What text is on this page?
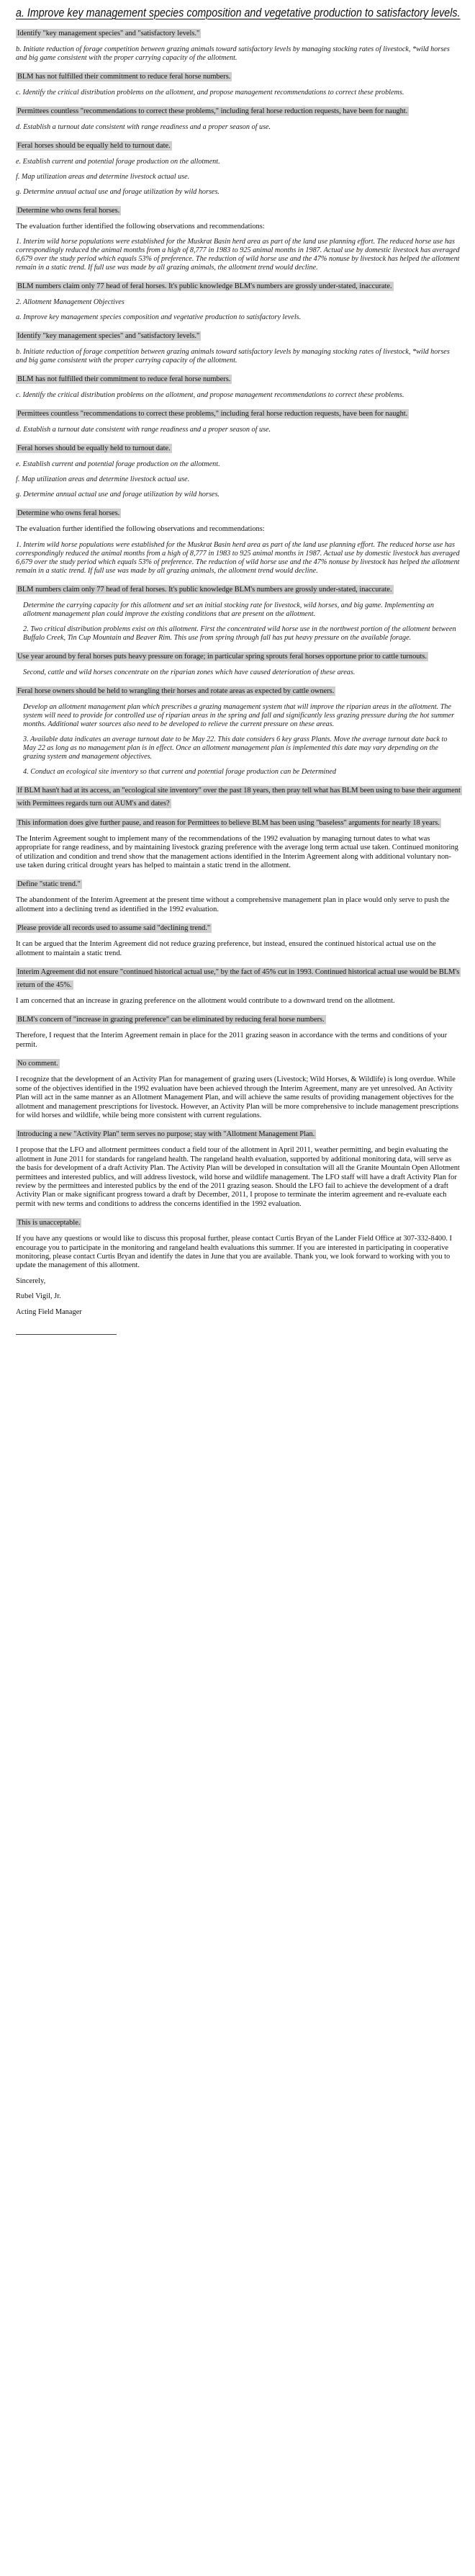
a. Improve key management species composition and vegetative production to satisfactory levels.
Identify "key management species" and "satisfactory levels."

b. Initiate reduction of forage competition between grazing animals toward satisfactory levels by managing stocking rates of livestock, *wild horses and big game consistent with the proper carrying capacity of the allotment.

BLM has not fulfilled their commitment to reduce feral horse numbers.

c. Identify the critical distribution problems on the allotment, and propose management recommendations to correct these problems.

Permittees countless "recommendations to correct these problems," including feral horse reduction requests, have been for naught.

d. Establish a turnout date consistent with range readiness and a proper season of use.

Feral horses should be equally held to turnout date.

e. Establish current and potential forage production on the allotment.

f. Map utilization areas and determine livestock actual use.

g. Determine annual actual use and forage utilization by wild horses.

Determine who owns feral horses.

The evaluation further identified the following observations and recommendations:

1. Interim wild horse populations were established for the Muskrat Basin herd area as part of the land use planning effort. The reduced horse use has correspondingly reduced the animal months from a high of 8,777 in 1983 to 925 animal months in 1987. Actual use by domestic livestock has averaged 6,679 over the study period which equals 53% of preference. The reduction of wild horse use and the 47% nonuse by livestock has helped the allotment remain in a static trend. If full use was made by all grazing animals, the allotment trend would decline.

BLM numbers claim only 77 head of feral horses. It's public knowledge BLM's numbers are grossly under-stated, inaccurate.

2. Allotment Management Objectives

a. Improve key management species composition and vegetative production to satisfactory levels.

Identify "key management species" and "satisfactory levels."

b. Initiate reduction of forage competition between grazing animals toward satisfactory levels by managing stocking rates of livestock, *wild horses and big game consistent with the proper carrying capacity of the allotment.

BLM has not fulfilled their commitment to reduce feral horse numbers.

c. Identify the critical distribution problems on the allotment, and propose management recommendations to correct these problems.

Permittees countless "recommendations to correct these problems," including feral horse reduction requests, have been for naught.

d. Establish a turnout date consistent with range readiness and a proper season of use.

Feral horses should be equally held to turnout date.

e. Establish current and potential forage production on the allotment.

f. Map utilization areas and determine livestock actual use.

g. Determine annual actual use and forage utilization by wild horses.

Determine who owns feral horses.

The evaluation further identified the following observations and recommendations:

1. Interim wild horse populations were established for the Muskrat Basin herd area as part of the land use planning effort. The reduced horse use has correspondingly reduced the animal months from a high of 8,777 in 1983 to 925 animal months in 1987. Actual use by domestic livestock has averaged 6,679 over the study period which equals 53% of preference. The reduction of wild horse use and the 47% nonuse by livestock has helped the allotment remain in a static trend. If full use was made by all grazing animals, the allotment trend would decline.

BLM numbers claim only 77 head of feral horses. It's public knowledge BLM's numbers are grossly under-stated, inaccurate.

Determine the carrying capacity for this allotment and set an initial stocking rate for livestock, wild horses, and big game. Implementing an allotment management plan could improve the existing conditions that are present on the allotment.

2. Two critical distribution problems exist on this allotment. First the concentrated wild horse use in the northwest portion of the allotment between Buffalo Creek, Tin Cup Mountain and Beaver Rim. This use from spring through fall has put heavy pressure on the available forage.

Use year around by feral horses puts heavy pressure on forage; in particular spring sprouts feral horses opportune prior to cattle turnouts.

Second, cattle and wild horses concentrate on the riparian zones which have caused deterioration of these areas.

Feral horse owners should be held to wrangling their horses and rotate areas as expected by cattle owners.

Develop an allotment management plan which prescribes a grazing management system that will improve the riparian areas in the allotment. The system will need to provide for controlled use of riparian areas in the spring and fall and significantly less grazing pressure during the hot summer months. Additional water sources also need to be developed to relieve the current pressure on these areas.

3. Available data indicates an average turnout date to be May 22. This date considers 6 key grass Plants. Move the average turnout date back to May 22 as long as no management plan is in effect. Once an allotment management plan is implemented this date may vary depending on the grazing system and management objectives.

4. Conduct an ecological site inventory so that current and potential forage production can be Determined

If BLM hasn't had at its access, an "ecological site inventory" over the past 18 years, then pray tell what has BLM been using to base their argument with Permittees regards turn out AUM's and dates?
This information does give further pause, and reason for Permittees to believe BLM has been using "baseless" arguments for nearly 18 years.

The Interim Agreement sought to implement many of the recommendations of the 1992 evaluation by managing turnout dates to what was appropriate for range readiness, and by maintaining livestock grazing preference with the average long term actual use taken. Continued monitoring of utilization and condition and trend show that the management actions identified in the Interim Agreement along with additional voluntary non-use taken during critical drought years has helped to maintain a static trend in the allotment.

Define "static trend."

The abandonment of the Interim Agreement at the present time without a comprehensive management plan in place would only serve to push the allotment into a declining trend as identified in the 1992 evaluation.

Please provide all records used to assume said "declining trend."

It can be argued that the Interim Agreement did not reduce grazing preference, but instead, ensured the continued historical actual use on the allotment to maintain a static trend.

Interim Agreement did not ensure "continued historical actual use," by the fact of 45% cut in 1993. Continued historical actual use would be BLM's return of the 45%.

I am concerned that an increase in grazing preference on the allotment would contribute to a downward trend on the allotment.

BLM's concern of "increase in grazing preference" can be eliminated by reducing feral horse numbers.

Therefore, I request that the Interim Agreement remain in place for the 2011 grazing season in accordance with the terms and conditions of your permit.

No comment.

I recognize that the development of an Activity Plan for management of grazing users (Livestock; Wild Horses, & Wildlife) is long overdue. While some of the objectives identified in the 1992 evaluation have been achieved through the Interim Agreement, many are yet unresolved. An Activity Plan will act in the same manner as an Allotment Management Plan, and will achieve the same results of providing management objectives for the allotment and management prescriptions for livestock. However, an Activity Plan will be more comprehensive to include management prescriptions for wild horses and wildlife, while being more consistent with current regulations.

Introducing a new "Activity Plan" term serves no purpose; stay with "Allotment Management Plan.

I propose that the LFO and allotment permittees conduct a field tour of the allotment in April 2011, weather permitting, and begin evaluating the allotment in June 2011 for standards for rangeland health. The rangeland health evaluation, supported by additional monitoring data, will serve as the basis for development of a draft Activity Plan. The Activity Plan will be developed in consultation will all the Granite Mountain Open Allotment permittees and interested publics, and will address livestock, wild horse and wildlife management. The LFO staff will have a draft Activity Plan for review by the permittees and interested publics by the end of the 2011 grazing season. Should the LFO fail to achieve the development of a draft Activity Plan or make significant progress toward a draft by December, 2011, I propose to terminate the interim agreement and re-evaluate each permit with new terms and conditions to address the concerns identified in the 1992 evaluation.

This is unacceptable.

If you have any questions or would like to discuss this proposal further, please contact Curtis Bryan of the Lander Field Office at 307-332-8400. I encourage you to participate in the monitoring and rangeland health evaluations this summer. If you are interested in participating in cooperative monitoring, please contact Curtis Bryan and identify the dates in June that you are available. Thank you, we look forward to working with you to update the management of this allotment.

Sincerely,

Rubel Vigil, Jr.

Acting Field Manager
